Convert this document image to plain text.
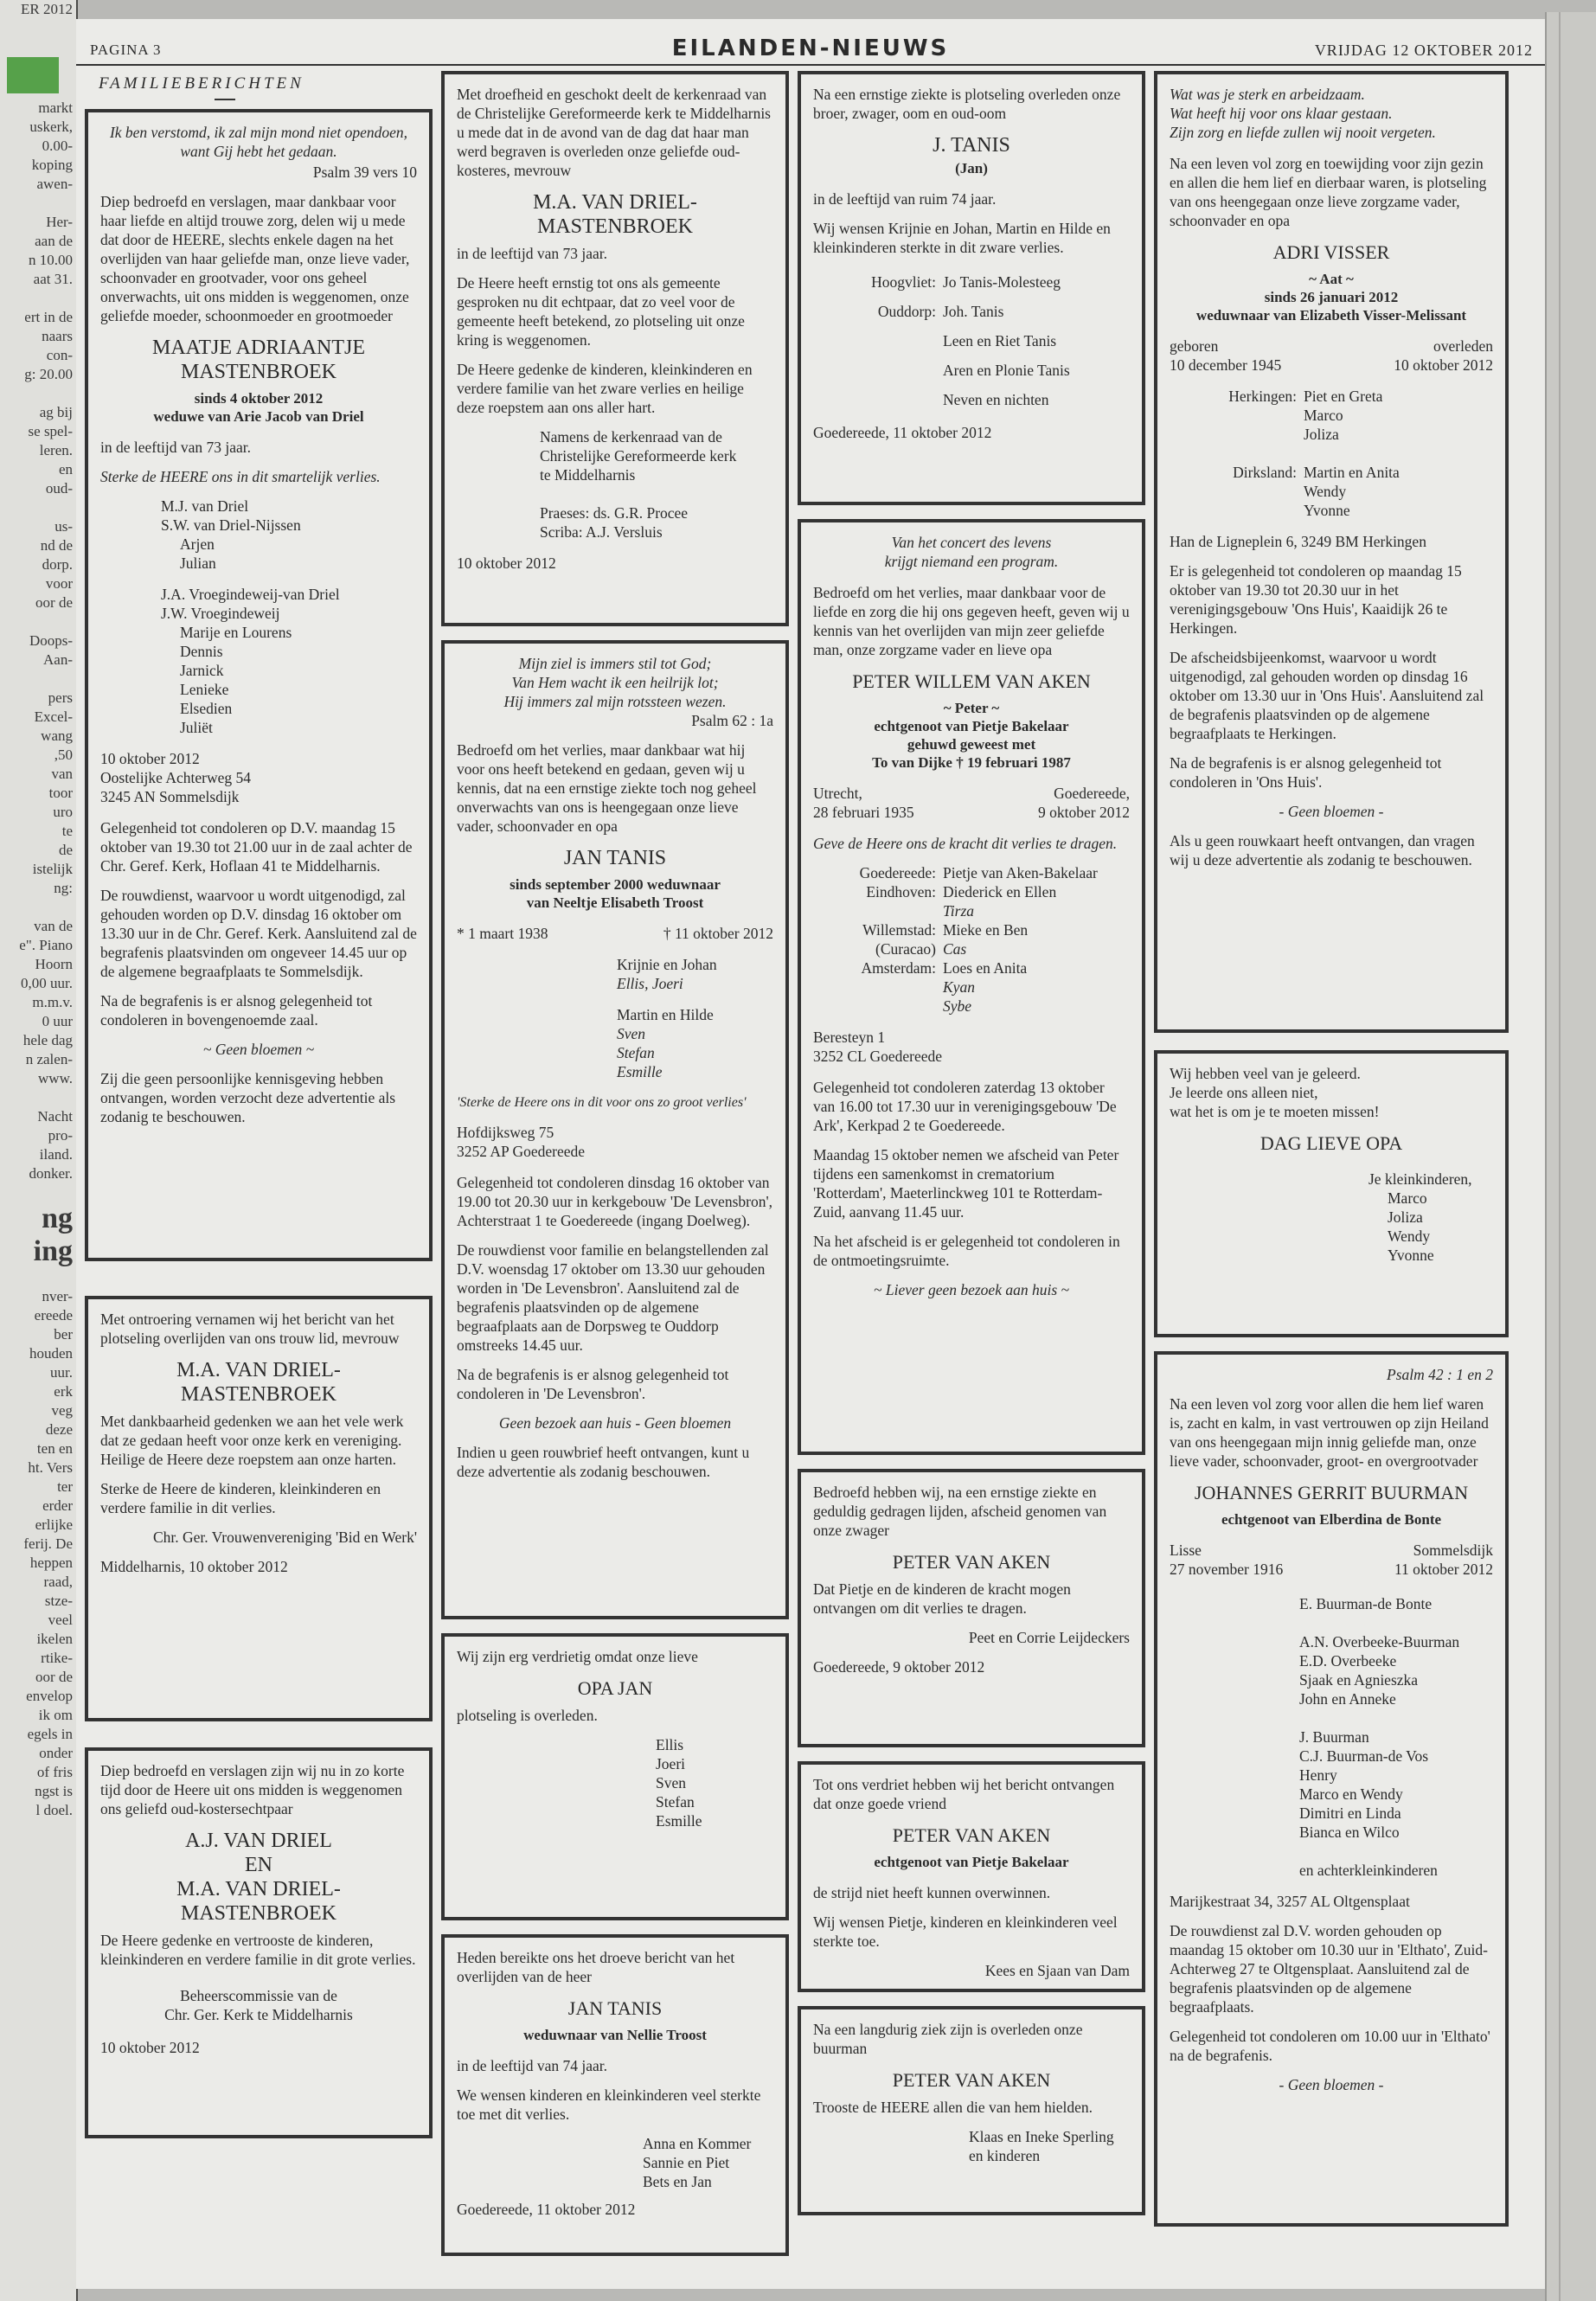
ER 2012

markt

uskerk,

0.00-

koping

awen-

Her-

aan de

n 10.00

aat 31.

ert in de

naars

con-

g: 20.00

ag bij

se spel-

leren.

en

oud-

us-

nd de

dorp.

voor

oor de

Doops-

Aan-

pers

Excel-

wang

,50

van

toor

uro

te

de

istelijk

ng:

van de

e". Piano

Hoorn

0,00 uur.

m.m.v.

0 uur

hele dag

n zalen-

www.

Nacht

pro-

iland.

donker.

ng

ing

nver-

ereede

ber

houden

uur.

erk

veg

deze

ten en

ht. Vers

ter

erder

erlijke

ferij. De

heppen

raad,

stze-

veel

ikelen

rtike-

oor de

envelop

ik om

egels in

onder

of fris

ngst is

l doel.

PAGINA 3	EILANDEN-NIEUWS	VRIJDAG 12 OKTOBER 2012
FAMILIEBERICHTEN

Ik ben verstomd, ik zal mijn mond niet opendoen, want Gij hebt het gedaan.

Psalm 39 vers 10

Diep bedroefd en verslagen, maar dankbaar voor haar liefde en altijd trouwe zorg, delen wij u mede dat door de HEERE, slechts enkele dagen na het overlijden van haar geliefde man, onze lieve vader, schoonvader en grootvader, voor ons geheel onverwachts, uit ons midden is weggenomen, onze geliefde moeder, schoonmoeder en grootmoeder

MAATJE ADRIAANTJE MASTENBROEK
sinds 4 oktober 2012
weduwe van Arie Jacob van Driel

in de leeftijd van 73 jaar.

Sterke de HEERE ons in dit smartelijk verlies.

M.J. van Driel
S.W. van Driel-Nijssen
Arjen
Julian
J.A. Vroegindeweij-van Driel
J.W. Vroegindeweij
Marije en Lourens
Dennis
Jarnick
Lenieke
Elsedien
Juliët
10 oktober 2012
Oostelijke Achterweg 54
3245 AN Sommelsdijk

Gelegenheid tot condoleren op D.V. maandag 15 oktober van 19.30 tot 21.00 uur in de zaal achter de Chr. Geref. Kerk, Hoflaan 41 te Middelharnis.

De rouwdienst, waarvoor u wordt uitgenodigd, zal gehouden worden op D.V. dinsdag 16 oktober om 13.30 uur in de Chr. Geref. Kerk. Aansluitend zal de begrafenis plaatsvinden om ongeveer 14.45 uur op de algemene begraafplaats te Sommelsdijk.

Na de begrafenis is er alsnog gelegenheid tot condoleren in bovengenoemde zaal.

~ Geen bloemen ~

Zij die geen persoonlijke kennisgeving hebben ontvangen, worden verzocht deze advertentie als zodanig te beschouwen.

Met ontroering vernamen wij het bericht van het plotseling overlijden van ons trouw lid, mevrouw

M.A. VAN DRIEL-MASTENBROEK

Met dankbaarheid gedenken we aan het vele werk dat ze gedaan heeft voor onze kerk en vereniging. Heilige de Heere deze roepstem aan onze harten.

Sterke de Heere de kinderen, kleinkinderen en verdere familie in dit verlies.

Chr. Ger. Vrouwenvereniging 'Bid en Werk'

Middelharnis, 10 oktober 2012

Diep bedroefd en verslagen zijn wij nu in zo korte tijd door de Heere uit ons midden is weggenomen ons geliefd oud-kostersechtpaar

A.J. VAN DRIEL
EN
M.A. VAN DRIEL-MASTENBROEK

De Heere gedenke en vertrooste de kinderen, kleinkinderen en verdere familie in dit grote verlies.

Beheerscommissie van de
Chr. Ger. Kerk te Middelharnis
10 oktober 2012

Met droefheid en geschokt deelt de kerkenraad van de Christelijke Gereformeerde kerk te Middelharnis u mede dat in de avond van de dag dat haar man werd begraven is overleden onze geliefde oud-kosteres, mevrouw

M.A. VAN DRIEL-MASTENBROEK

in de leeftijd van 73 jaar.

De Heere heeft ernstig tot ons als gemeente gesproken nu dit echtpaar, dat zo veel voor de gemeente heeft betekend, zo plotseling uit onze kring is weggenomen.

De Heere gedenke de kinderen, kleinkinderen en verdere familie van het zware verlies en heilige deze roepstem aan ons aller hart.

Namens de kerkenraad van de
Christelijke Gereformeerde kerk
te Middelharnis

Praeses: ds. G.R. Procee
Scriba: A.J. Versluis
10 oktober 2012
Mijn ziel is immers stil tot God;
Van Hem wacht ik een heilrijk lot;
Hij immers zal mijn rotssteen wezen.

Psalm 62 : 1a

Bedroefd om het verlies, maar dankbaar wat hij voor ons heeft betekend en gedaan, geven wij u kennis, dat na een ernstige ziekte toch nog geheel onverwachts van ons is heengegaan onze lieve vader, schoonvader en opa

JAN TANIS
sinds september 2000 weduwnaar
van Neeltje Elisabeth Troost
* 1 maart 1938	† 11 oktober 2012
Krijnie en Johan
Ellis, Joeri
Martin en Hilde
Sven
Stefan
Esmille

'Sterke de Heere ons in dit voor ons zo groot verlies'

Hofdijksweg 75
3252 AP Goedereede

Gelegenheid tot condoleren dinsdag 16 oktober van 19.00 tot 20.30 uur in kerkgebouw 'De Levensbron', Achterstraat 1 te Goedereede (ingang Doelweg).

De rouwdienst voor familie en belangstellenden zal D.V. woensdag 17 oktober om 13.30 uur gehouden worden in 'De Levensbron'. Aansluitend zal de begrafenis plaatsvinden op de algemene begraafplaats aan de Dorpsweg te Ouddorp omstreeks 14.45 uur.

Na de begrafenis is er alsnog gelegenheid tot condoleren in 'De Levensbron'.

Geen bezoek aan huis - Geen bloemen

Indien u geen rouwbrief heeft ontvangen, kunt u deze advertentie als zodanig beschouwen.

Wij zijn erg verdrietig omdat onze lieve

OPA JAN

plotseling is overleden.

Ellis
Joeri
Sven
Stefan
Esmille

Heden bereikte ons het droeve bericht van het overlijden van de heer

JAN TANIS
weduwnaar van Nellie Troost

in de leeftijd van 74 jaar.

We wensen kinderen en kleinkinderen veel sterkte toe met dit verlies.

Anna en Kommer
Sannie en Piet
Bets en Jan
Goedereede, 11 oktober 2012

Na een ernstige ziekte is plotseling overleden onze broer, zwager, oom en oud-oom

J. TANIS
(Jan)

in de leeftijd van ruim 74 jaar.

Wij wensen Krijnie en Johan, Martin en Hilde en kleinkinderen sterkte in dit zware verlies.

Hoogvliet: Jo Tanis-Molesteeg
Ouddorp: Joh. Tanis

Leen en Riet Tanis

Aren en Plonie Tanis

Neven en nichten
Goedereede, 11 oktober 2012
Van het concert des levens
krijgt niemand een program.

Bedroefd om het verlies, maar dankbaar voor de liefde en zorg die hij ons gegeven heeft, geven wij u kennis van het overlijden van mijn zeer geliefde man, onze zorgzame vader en lieve opa

PETER WILLEM VAN AKEN
~ Peter ~
echtgenoot van Pietje Bakelaar
gehuwd geweest met
To van Dijke † 19 februari 1987
Utrecht,	Goedereede,
28 februari 1935	9 oktober 2012

Geve de Heere ons de kracht dit verlies te dragen.

Goedereede: Pietje van Aken-Bakelaar
Eindhoven: Diederick en Ellen

Tirza
Willemstad: Mieke en Ben
(Curacao) Cas
Amsterdam: Loes en Anita

Kyan

Sybe
Beresteyn 1
3252 CL Goedereede

Gelegenheid tot condoleren zaterdag 13 oktober van 16.00 tot 17.30 uur in verenigingsgebouw 'De Ark', Kerkpad 2 te Goedereede.

Maandag 15 oktober nemen we afscheid van Peter tijdens een samenkomst in crematorium 'Rotterdam', Maeterlinckweg 101 te Rotterdam-Zuid, aanvang 11.45 uur.

Na het afscheid is er gelegenheid tot condoleren in de ontmoetingsruimte.

~ Liever geen bezoek aan huis ~

Bedroefd hebben wij, na een ernstige ziekte en geduldig gedragen lijden, afscheid genomen van onze zwager

PETER VAN AKEN

Dat Pietje en de kinderen de kracht mogen ontvangen om dit verlies te dragen.

Peet en Corrie Leijdeckers

Goedereede, 9 oktober 2012

Tot ons verdriet hebben wij het bericht ontvangen dat onze goede vriend

PETER VAN AKEN
echtgenoot van Pietje Bakelaar

de strijd niet heeft kunnen overwinnen.

Wij wensen Pietje, kinderen en kleinkinderen veel sterkte toe.

Kees en Sjaan van Dam

Na een langdurig ziek zijn is overleden onze buurman

PETER VAN AKEN

Trooste de HEERE allen die van hem hielden.

Klaas en Ineke Sperling
en kinderen
Wat was je sterk en arbeidzaam.
Wat heeft hij voor ons klaar gestaan.
Zijn zorg en liefde zullen wij nooit vergeten.

Na een leven vol zorg en toewijding voor zijn gezin en allen die hem lief en dierbaar waren, is plotseling van ons heengegaan onze lieve zorgzame vader, schoonvader en opa

ADRI VISSER
~ Aat ~
sinds 26 januari 2012
weduwnaar van Elizabeth Visser-Melissant
geboren	overleden
10 december 1945	10 oktober 2012
Herkingen: Piet en Greta

Marco

Joliza

Dirksland: Martin en Anita

Wendy

Yvonne

Han de Ligneplein 6, 3249 BM Herkingen

Er is gelegenheid tot condoleren op maandag 15 oktober van 19.30 tot 20.30 uur in het verenigingsgebouw 'Ons Huis', Kaaidijk 26 te Herkingen.

De afscheidsbijeenkomst, waarvoor u wordt uitgenodigd, zal gehouden worden op dinsdag 16 oktober om 13.30 uur in 'Ons Huis'. Aansluitend zal de begrafenis plaatsvinden op de algemene begraafplaats te Herkingen.

Na de begrafenis is er alsnog gelegenheid tot condoleren in 'Ons Huis'.

- Geen bloemen -

Als u geen rouwkaart heeft ontvangen, dan vragen wij u deze advertentie als zodanig te beschouwen.

Wij hebben veel van je geleerd.
Je leerde ons alleen niet,
wat het is om je te moeten missen!
DAG LIEVE OPA
Je kleinkinderen,
Marco
Joliza
Wendy
Yvonne

Psalm 42 : 1 en 2

Na een leven vol zorg voor allen die hem lief waren is, zacht en kalm, in vast vertrouwen op zijn Heiland van ons heengegaan mijn innig geliefde man, onze lieve vader, schoonvader, groot- en overgrootvader

JOHANNES GERRIT BUURMAN
echtgenoot van Elberdina de Bonte
Lisse	Sommelsdijk
27 november 1916	11 oktober 2012
E. Buurman-de Bonte

A.N. Overbeeke-Buurman
E.D. Overbeeke
Sjaak en Agnieszka
John en Anneke

J. Buurman
C.J. Buurman-de Vos
Henry
Marco en Wendy
Dimitri en Linda
Bianca en Wilco

en achterkleinkinderen

Marijkestraat 34, 3257 AL Oltgensplaat

De rouwdienst zal D.V. worden gehouden op maandag 15 oktober om 10.30 uur in 'Elthato', Zuid-Achterweg 27 te Oltgensplaat. Aansluitend zal de begrafenis plaatsvinden op de algemene begraafplaats.

Gelegenheid tot condoleren om 10.00 uur in 'Elthato' na de begrafenis.

- Geen bloemen -
